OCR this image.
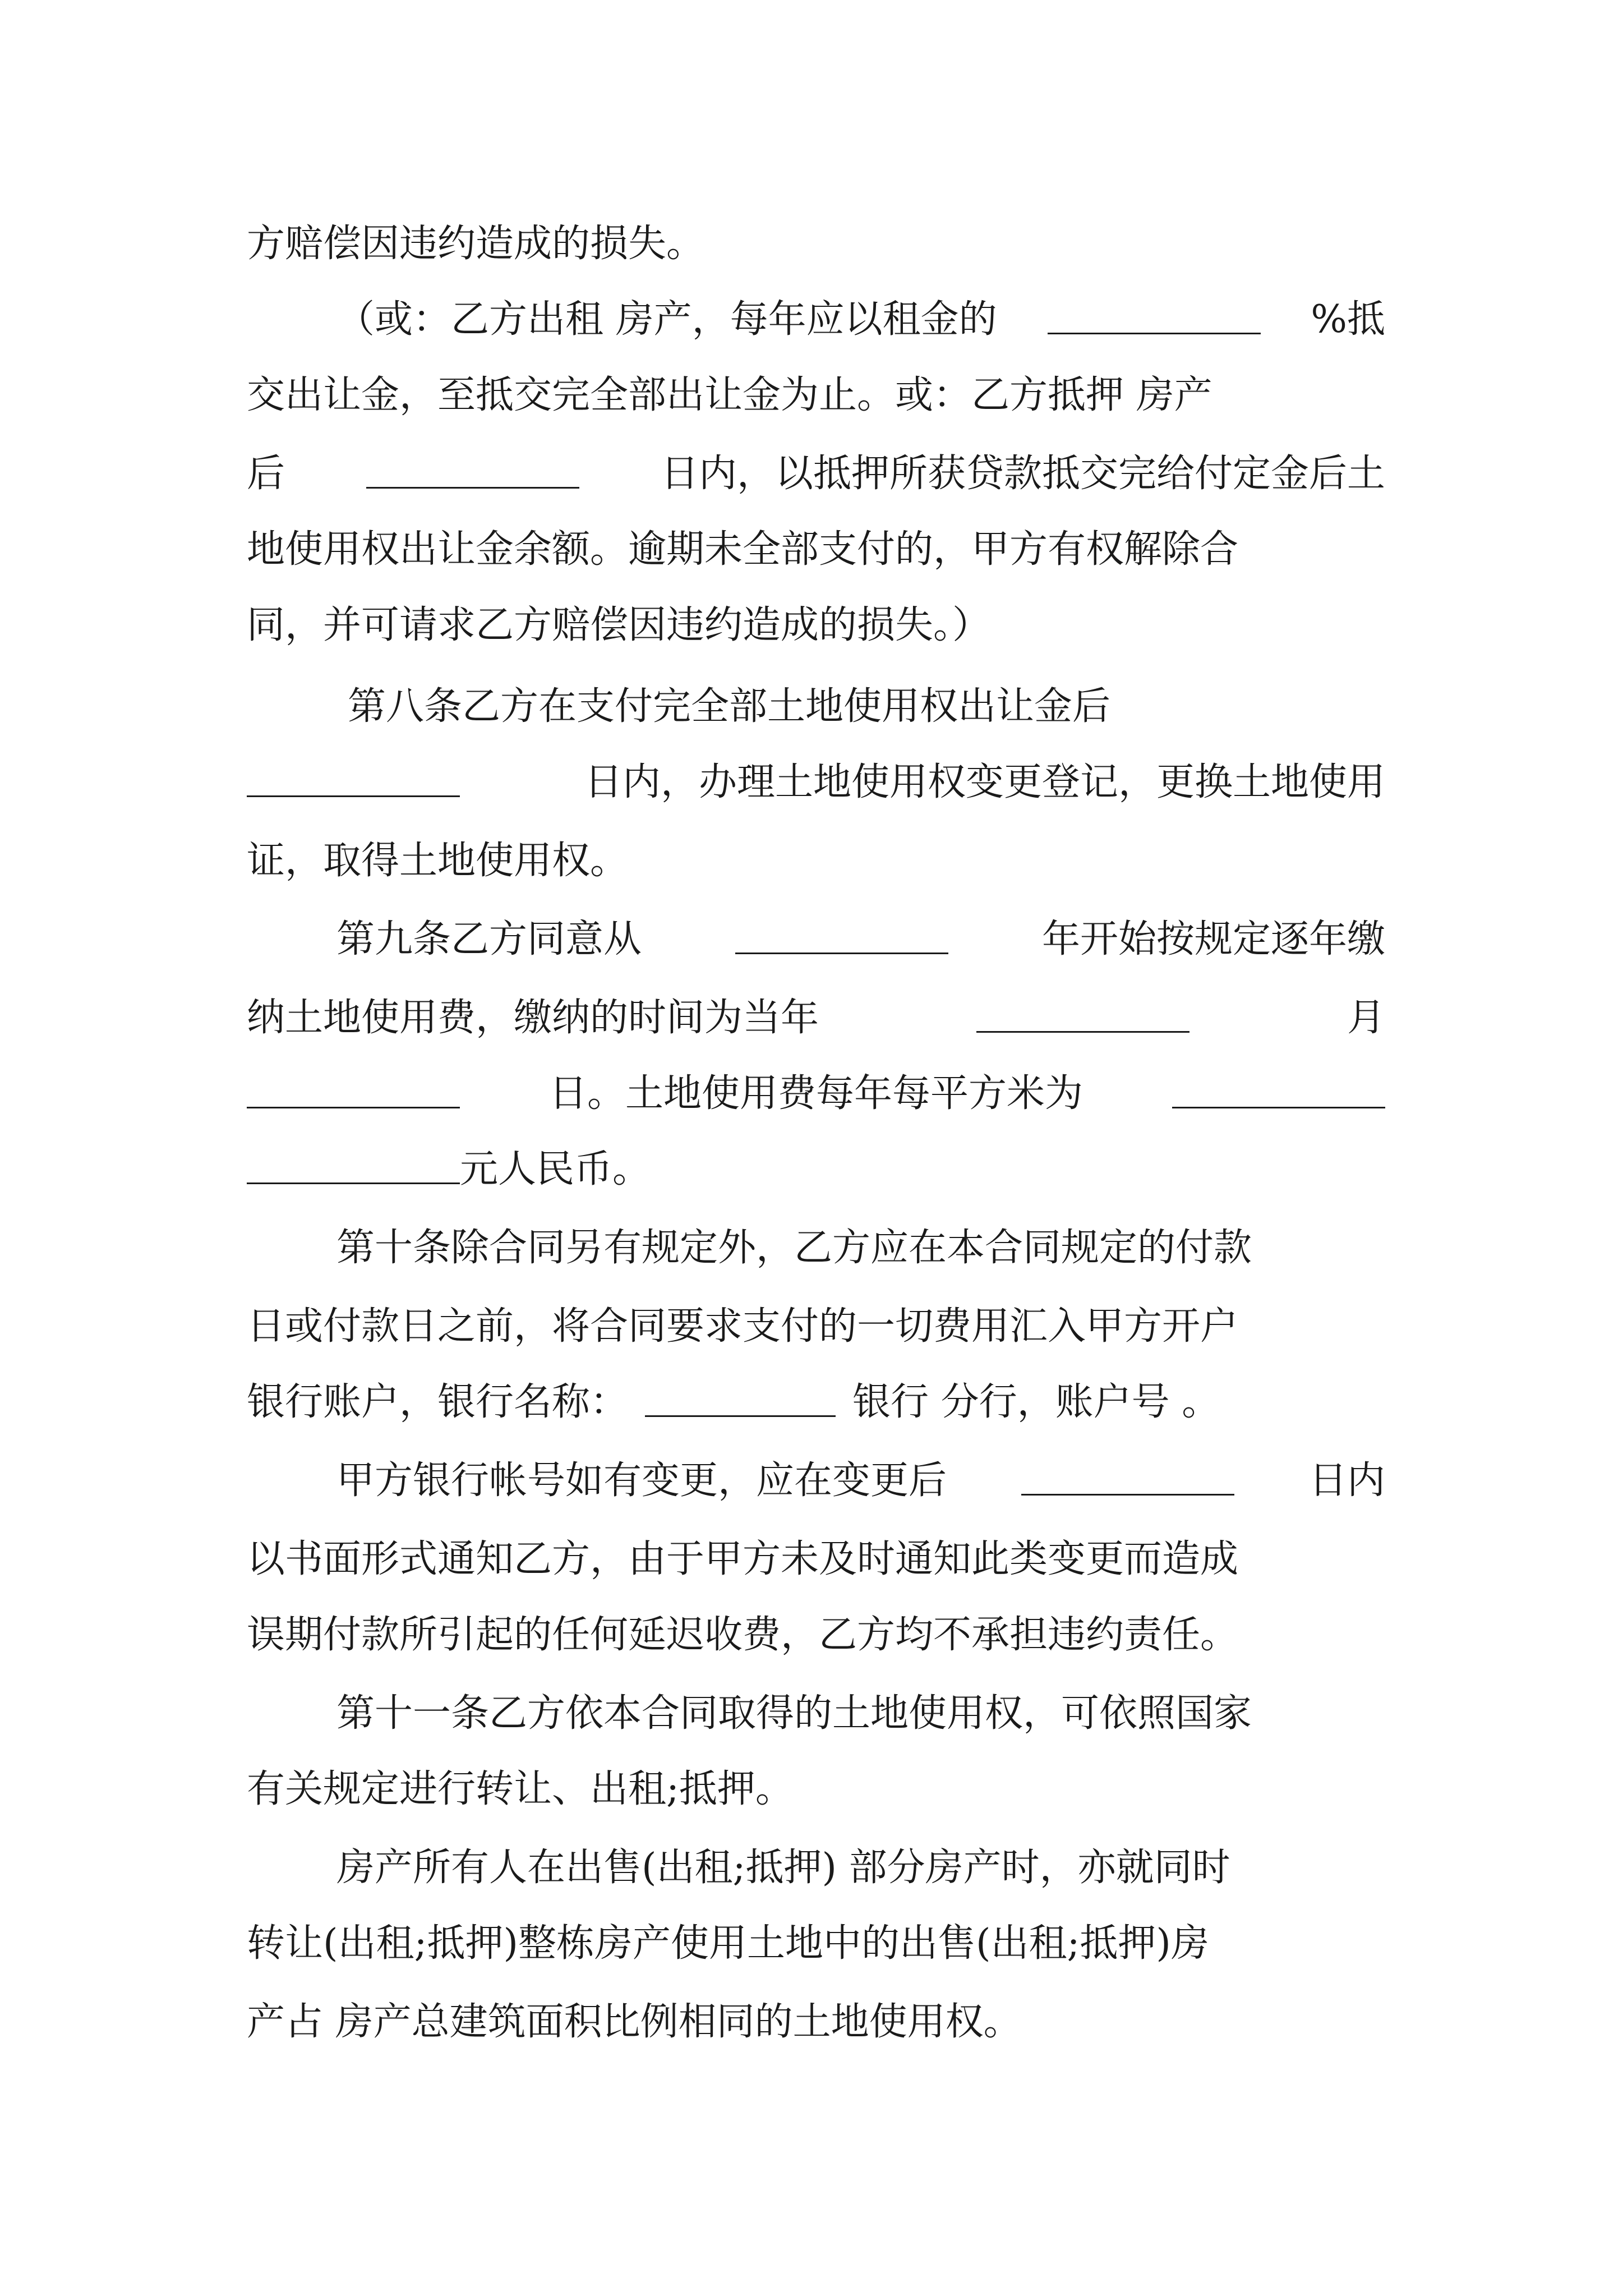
方赔偿因违约造成的损失。
（或：乙方出租 房产，每年应以租金的	%抵
交出让金，至抵交完全部出让金为止。或：乙方抵押 房产
后	日内，以抵押所获贷款抵交完给付定金后土
地使用权出让金余额。逾期未全部支付的，甲方有权解除合
同，并可请求乙方赔偿因违约造成的损失。）
第八条乙方在支付完全部土地使用权出让金后
日内，办理土地使用权变更登记，更换土地使用
证，取得土地使用权。
第九条乙方同意从	年开始按规定逐年缴
纳土地使用费，缴纳的时间为当年	月
日。土地使用费每年每平方米为
元人民币。
第十条除合同另有规定外，乙方应在本合同规定的付款
日或付款日之前，将合同要求支付的一切费用汇入甲方开户
银行账户，银行名称：	银行 分行，账户号 。
甲方银行帐号如有变更，应在变更后	日内
以书面形式通知乙方，由于甲方未及时通知此类变更而造成
误期付款所引起的任何延迟收费，乙方均不承担违约责任。
第十一条乙方依本合同取得的土地使用权，可依照国家
有关规定进行转让、出租;抵押。
房产所有人在出售(出租;抵押) 部分房产时，亦就同时
转让(出租;抵押)整栋房产使用土地中的出售(出租;抵押)房
产占 房产总建筑面积比例相同的土地使用权。
